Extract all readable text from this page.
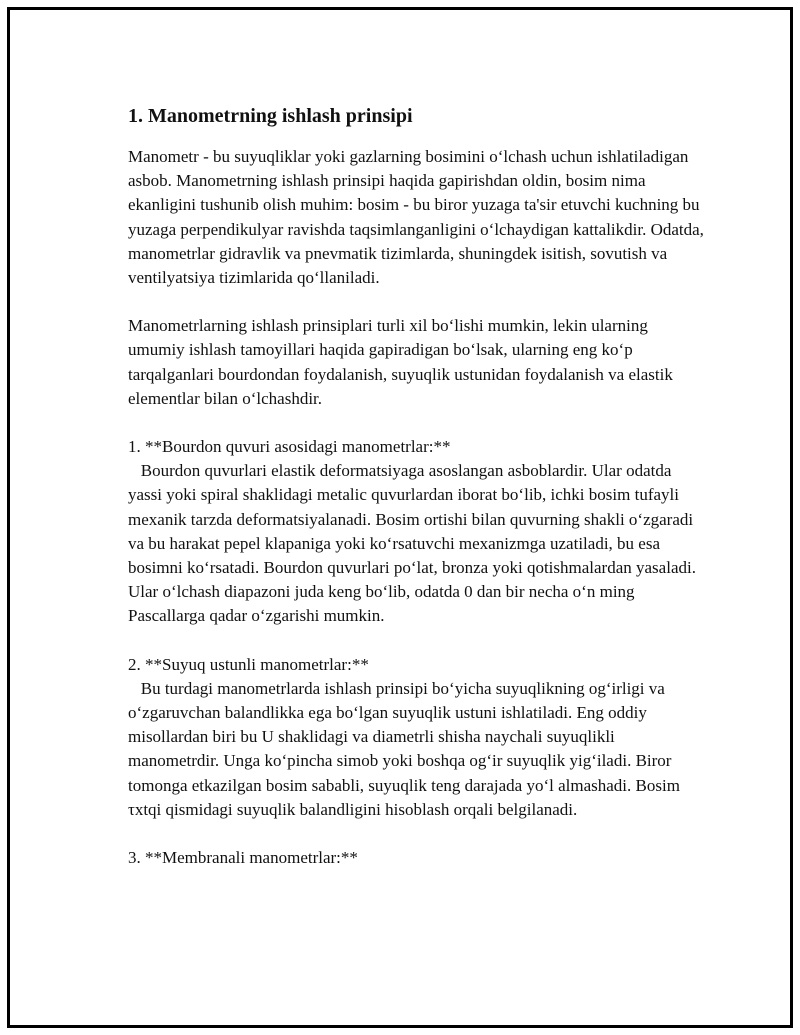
1. Manometrning ishlash prinsipi

Manometr - bu suyuqliklar yoki gazlarning bosimini oʻlchash uchun ishlatiladigan asbob. Manometrning ishlash prinsipi haqida gapirishdan oldin, bosim nima ekanligini tushunib olish muhim: bosim - bu biror yuzaga ta'sir etuvchi kuchning bu yuzaga perpendikulyar ravishda taqsimlanganligini oʻlchaydigan kattalikdir. Odatda, manometrlar gidravlik va pnevmatik tizimlarda, shuningdek isitish, sovutish va ventilyatsiya tizimlarida qoʻllaniladi.

Manometrlarning ishlash prinsiplari turli xil boʻlishi mumkin, lekin ularning umumiy ishlash tamoyillari haqida gapiradigan boʻlsak, ularning eng koʻp tarqalganlari bourdondan foydalanish, suyuqlik ustunidan foydalanish va elastik elementlar bilan oʻlchashdir.

1. **Bourdon quvuri asosidagi manometrlar:**
Bourdon quvurlari elastik deformatsiyaga asoslangan asboblardir. Ular odatda yassi yoki spiral shaklidagi metalic quvurlardan iborat boʻlib, ichki bosim tufayli mexanik tarzda deformatsiyalanadi. Bosim ortishi bilan quvurning shakli oʻzgaradi va bu harakat pepel klapaniga yoki koʻrsatuvchi mexanizmga uzatiladi, bu esa bosimni koʻrsatadi. Bourdon quvurlari poʻlat, bronza yoki qotishmalardan yasaladi. Ular oʻlchash diapazoni juda keng boʻlib, odatda 0 dan bir necha oʻn ming Pascallarga qadar oʻzgarishi mumkin.

2. **Suyuq ustunli manometrlar:**
Bu turdagi manometrlarda ishlash prinsipi boʻyicha suyuqlikning ogʻirligi va oʻzgaruvchan balandlikka ega boʻlgan suyuqlik ustuni ishlatiladi. Eng oddiy misollardan biri bu U shaklidagi va diametrli shisha naychali suyuqlikli manometrdir. Unga koʻpincha simob yoki boshqa ogʻir suyuqlik yigʻiladi. Biror tomonga etkazilgan bosim sababli, suyuqlik teng darajada yoʻl almashadi. Bosim τxtqi qismidagi suyuqlik balandligini hisoblash orqali belgilanadi.

3. **Membranali manometrlar:**
